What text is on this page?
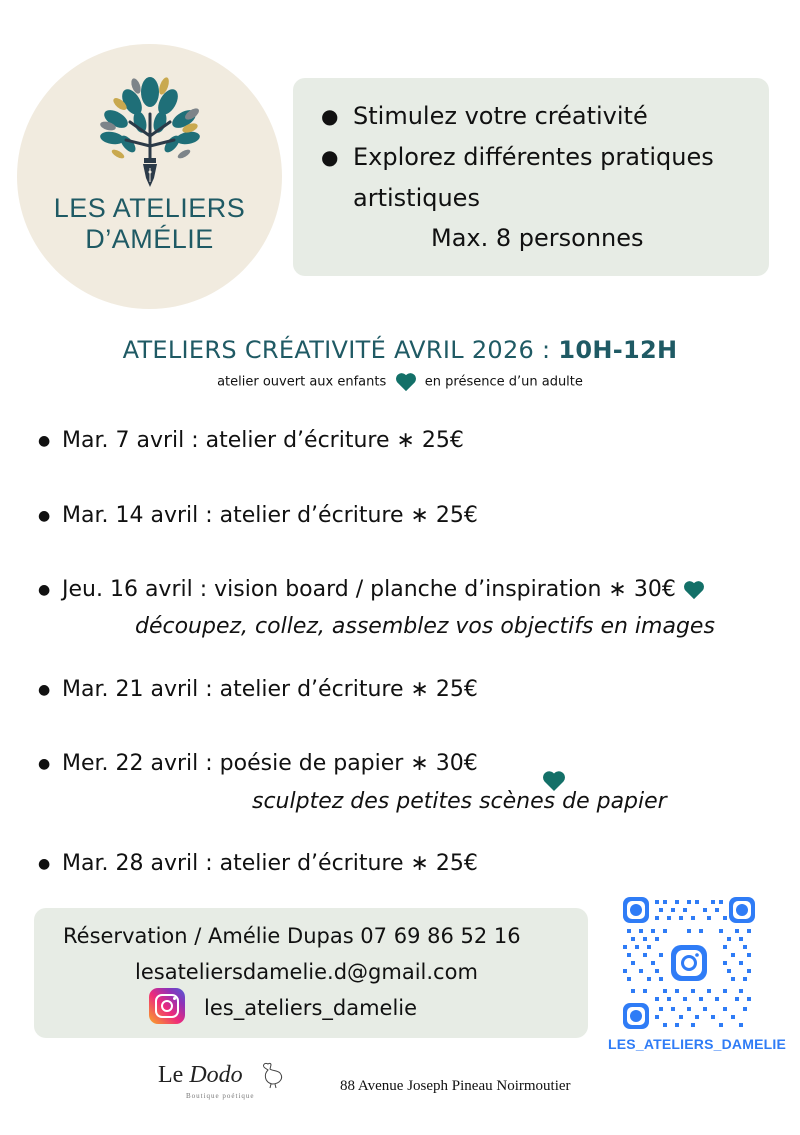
LES ATELIERS
D’AMÉLIE
● Stimulez votre créativité
● Explorez différentes pratiques
artistiques
Max. 8 personnes
ATELIERS CRÉATIVITÉ AVRIL 2026 : 10H-12H
atelier ouvert aux enfants	en présence d’un adulte
● Mar. 7 avril : atelier d’écriture ∗ 25€
● Mar. 14 avril : atelier d’écriture ∗ 25€
● Jeu. 16 avril : vision board / planche d’inspiration ∗ 30€
découpez, collez, assemblez vos objectifs en images
● Mar. 21 avril : atelier d’écriture ∗ 25€
● Mer. 22 avril : poésie de papier ∗ 30€
sculptez des petites scènes de papier
● Mar. 28 avril : atelier d’écriture ∗ 25€
Réservation / Amélie Dupas 07 69 86 52 16
lesateliersdamelie.d@gmail.com
les_ateliers_damelie
LES_ATELIERS_DAMELIE
Le Dodo
Boutique poétique
88 Avenue Joseph Pineau Noirmoutier
